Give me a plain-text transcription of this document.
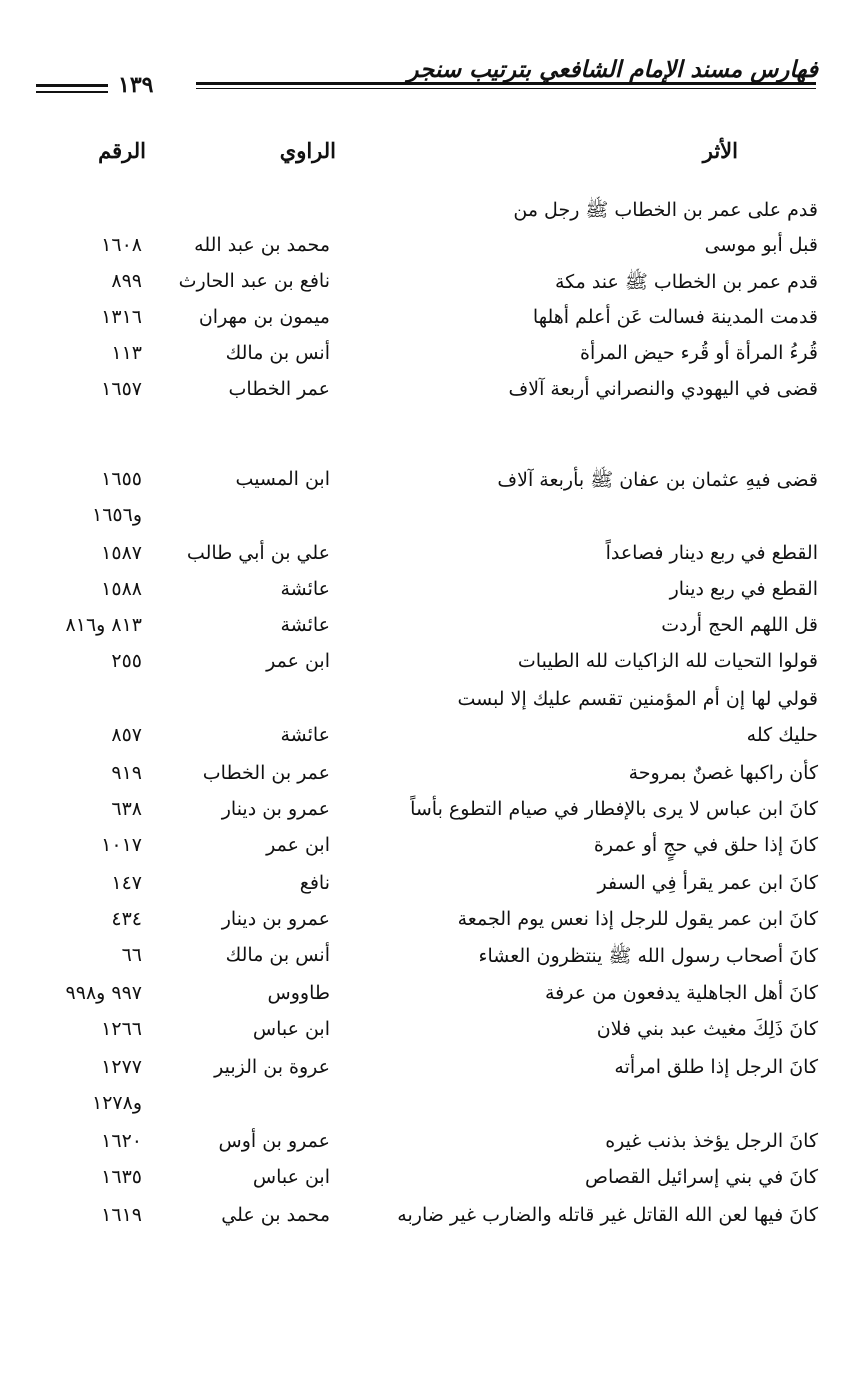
١٣٩
فهارس مسند الإمام الشافعي بترتيب سنجر
الأثر
الراوي
الرقم
قدم على عمر بن الخطاب ﷺ رجل من
قبل أبو موسى
محمد بن عبد الله
١٦٠٨
قدم عمر بن الخطاب ﷺ عند مكة
نافع بن عبد الحارث
٨٩٩
قدمت المدينة فسالت عَن أعلم أهلها
ميمون بن مهران
١٣١٦
قُرءُ المرأة أو قُرء حيض المرأة
أنس بن مالك
١١٣
قضى في اليهودي والنصراني أربعة آلاف
عمر الخطاب
١٦٥٧
قضى فيهِ عثمان بن عفان ﷺ بأربعة آلاف
ابن المسيب
١٦٥٥
و١٦٥٦
القطع في ربع دينار فصاعداً
علي بن أبي طالب
١٥٨٧
القطع في ربع دينار
عائشة
١٥٨٨
قل اللهم الحج أردت
عائشة
٨١٣ و٨١٦
قولوا التحيات لله الزاكيات لله الطيبات
ابن عمر
٢٥٥
قولي لها إن أم المؤمنين تقسم عليك إلا لبست
حليك كله
عائشة
٨٥٧
كأن راكبها غصنٌ بمروحة
عمر بن الخطاب
٩١٩
كانَ ابن عباس لا يرى بالإفطار في صيام التطوع بأساً
عمرو بن دينار
٦٣٨
كانَ إذا حلق في حجٍ أو عمرة
ابن عمر
١٠١٧
كانَ ابن عمر يقرأ فِي السفر
نافع
١٤٧
كانَ ابن عمر يقول للرجل إذا نعس يوم الجمعة
عمرو بن دينار
٤٣٤
كانَ أصحاب رسول الله ﷺ ينتظرون العشاء
أنس بن مالك
٦٦
كانَ أهل الجاهلية يدفعون من عرفة
طاووس
٩٩٧ و٩٩٨
كانَ ذَلِكَ مغيث عبد بني فلان
ابن عباس
١٢٦٦
كانَ الرجل إذا طلق امرأته
عروة بن الزبير
١٢٧٧
و١٢٧٨
كانَ الرجل يؤخذ بذنب غيره
عمرو بن أوس
١٦٢٠
كانَ في بني إسرائيل القصاص
ابن عباس
١٦٣٥
كانَ فيها لعن الله القاتل غير قاتله والضارب غير ضاربه
محمد بن علي
١٦١٩
